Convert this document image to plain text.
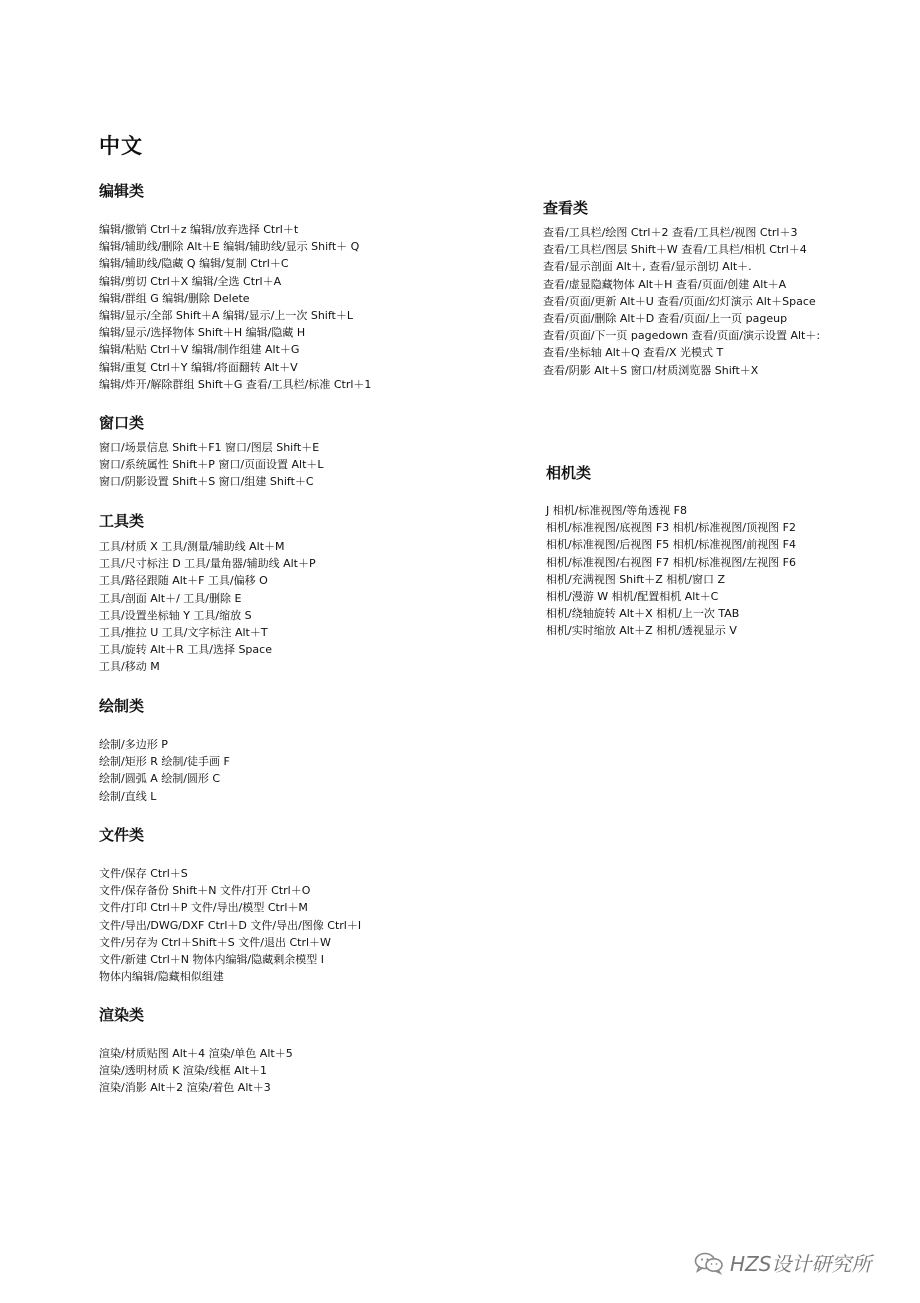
中文
编辑类
编辑/撤销 Ctrl＋z 编辑/放弃选择 Ctrl＋t
编辑/辅助线/删除 Alt＋E 编辑/辅助线/显示 Shift＋ Q
编辑/辅助线/隐藏 Q 编辑/复制 Ctrl＋C
编辑/剪切 Ctrl＋X 编辑/全选 Ctrl＋A
编辑/群组 G 编辑/删除 Delete
编辑/显示/全部 Shift＋A 编辑/显示/上一次 Shift＋L
编辑/显示/选择物体 Shift＋H 编辑/隐藏 H
编辑/粘贴 Ctrl＋V 编辑/制作组建 Alt＋G
编辑/重复 Ctrl＋Y 编辑/将面翻转 Alt＋V
编辑/炸开/解除群组 Shift＋G 查看/工具栏/标准 Ctrl＋1
窗口类
窗口/场景信息 Shift＋F1 窗口/图层 Shift＋E
窗口/系统属性 Shift＋P 窗口/页面设置 Alt＋L
窗口/阴影设置 Shift＋S 窗口/组建 Shift＋C
工具类
工具/材质 X 工具/测量/辅助线 Alt＋M
工具/尺寸标注 D 工具/量角器/辅助线 Alt＋P
工具/路径跟随 Alt＋F 工具/偏移 O
工具/剖面 Alt＋/ 工具/删除 E
工具/设置坐标轴 Y 工具/缩放 S
工具/推拉 U 工具/文字标注 Alt＋T
工具/旋转 Alt＋R 工具/选择 Space
工具/移动 M
绘制类
绘制/多边形 P
绘制/矩形 R 绘制/徒手画 F
绘制/圆弧 A 绘制/圆形 C
绘制/直线 L
文件类
文件/保存 Ctrl＋S
文件/保存备份 Shift＋N 文件/打开 Ctrl＋O
文件/打印 Ctrl＋P 文件/导出/模型 Ctrl＋M
文件/导出/DWG/DXF Ctrl＋D 文件/导出/图像 Ctrl＋I
文件/另存为 Ctrl＋Shift＋S 文件/退出 Ctrl＋W
文件/新建 Ctrl＋N 物体内编辑/隐藏剩余模型 I
物体内编辑/隐藏相似组建
渲染类
渲染/材质贴图 Alt＋4 渲染/单色 Alt＋5
渲染/透明材质 K 渲染/线框 Alt＋1
渲染/消影 Alt＋2 渲染/着色 Alt＋3
查看类
查看/工具栏/绘图 Ctrl＋2 查看/工具栏/视图 Ctrl＋3
查看/工具栏/图层 Shift＋W 查看/工具栏/相机 Ctrl＋4
查看/显示剖面 Alt＋, 查看/显示剖切 Alt＋.
查看/虚显隐藏物体 Alt＋H 查看/页面/创建 Alt＋A
查看/页面/更新 Alt＋U 查看/页面/幻灯演示 Alt＋Space
查看/页面/删除 Alt＋D 查看/页面/上一页 pageup
查看/页面/下一页 pagedown 查看/页面/演示设置 Alt＋:
查看/坐标轴 Alt＋Q 查看/X 光模式 T
查看/阴影 Alt＋S 窗口/材质浏览器 Shift＋X
相机类
J 相机/标准视图/等角透视 F8
相机/标准视图/底视图 F3 相机/标准视图/顶视图 F2
相机/标准视图/后视图 F5 相机/标准视图/前视图 F4
相机/标准视图/右视图 F7 相机/标准视图/左视图 F6
相机/充满视图 Shift＋Z 相机/窗口 Z
相机/漫游 W 相机/配置相机 Alt＋C
相机/绕轴旋转 Alt＋X 相机/上一次 TAB
相机/实时缩放 Alt＋Z 相机/透视显示 V
HZS设计研究所
